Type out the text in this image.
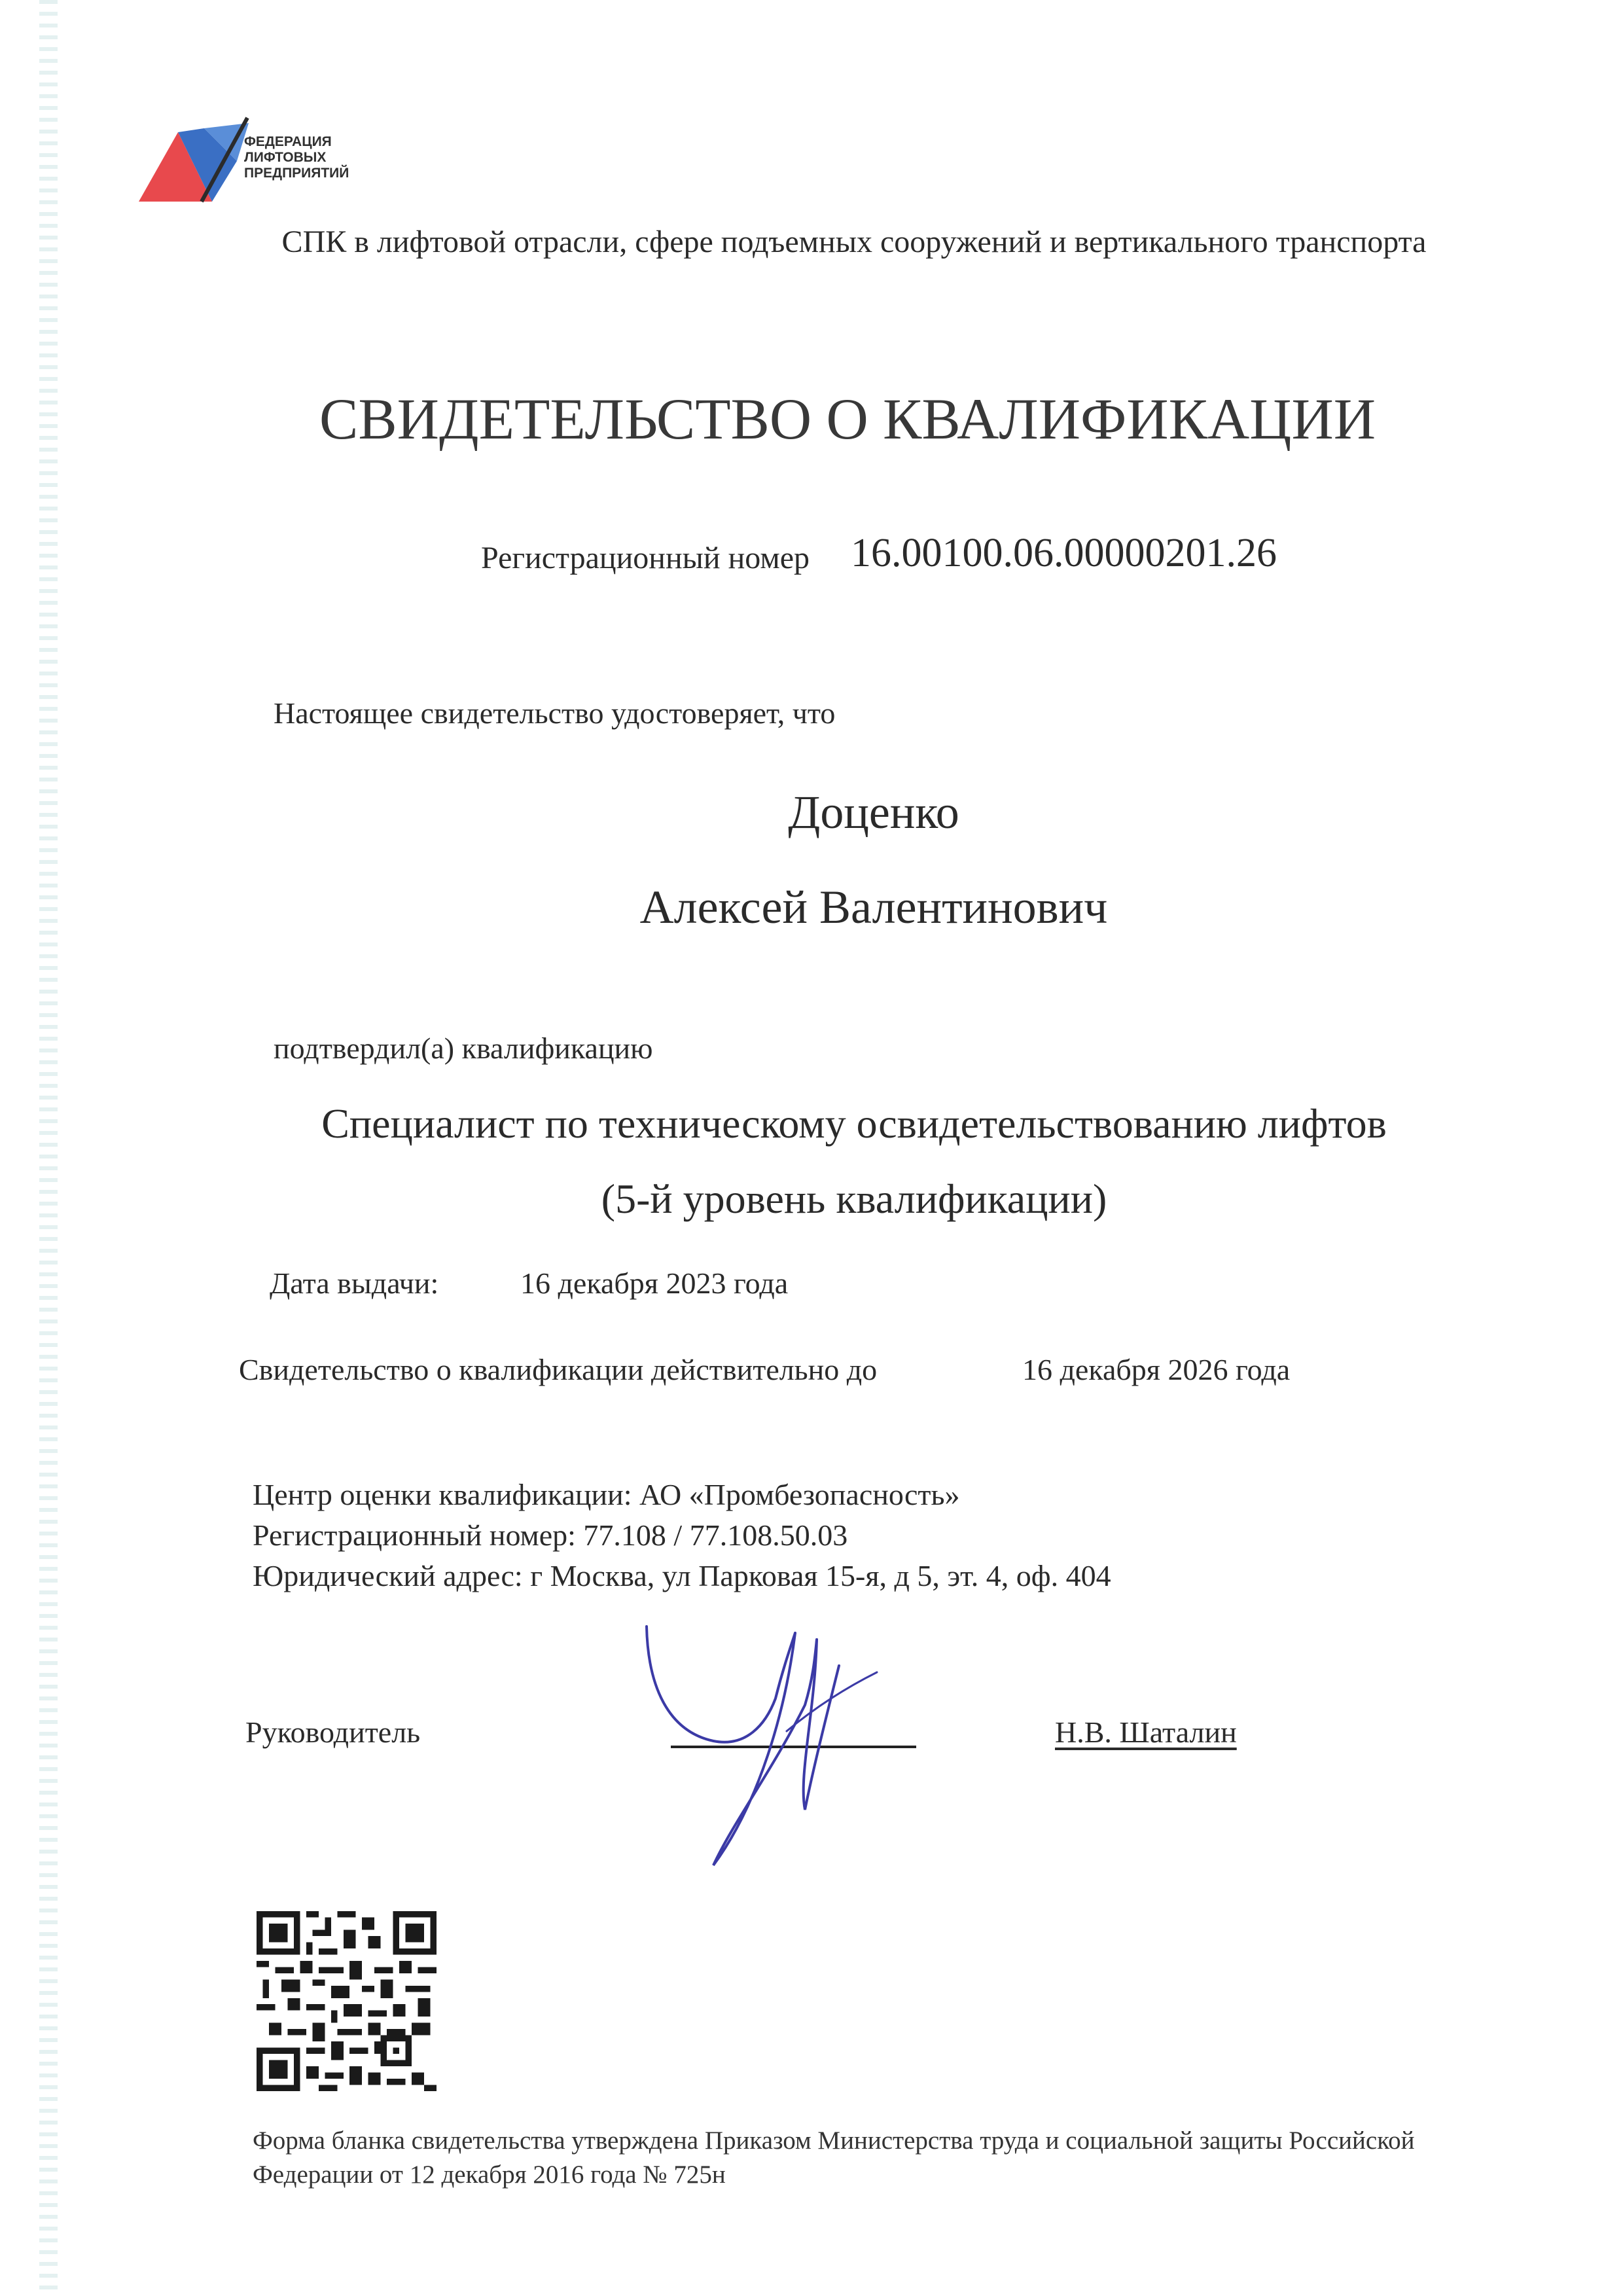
ФЕДЕРАЦИЯ
ЛИФТОВЫХ
ПРЕДПРИЯТИЙ
СПК в лифтовой отрасли, сфере подъемных сооружений и вертикального транспорта
СВИДЕТЕЛЬСТВО О КВАЛИФИКАЦИИ
Регистрационный номер 16.00100.06.00000201.26
Настоящее свидетельство удостоверяет, что
Доценко
Алексей Валентинович
подтвердил(а) квалификацию
Специалист по техническому освидетельствованию лифтов
(5-й уровень квалификации)
Дата выдачи:	16 декабря 2023 года
Свидетельство о квалификации действительно до	16 декабря 2026 года
Центр оценки квалификации: АО «Промбезопасность»
Регистрационный номер: 77.108 / 77.108.50.03
Юридический адрес: г Москва, ул Парковая 15-я, д 5, эт. 4, оф. 404
Руководитель	Н.В. Шаталин
Форма бланка свидетельства утверждена Приказом Министерства труда и социальной защиты Российской
Федерации от 12 декабря 2016 года № 725н
